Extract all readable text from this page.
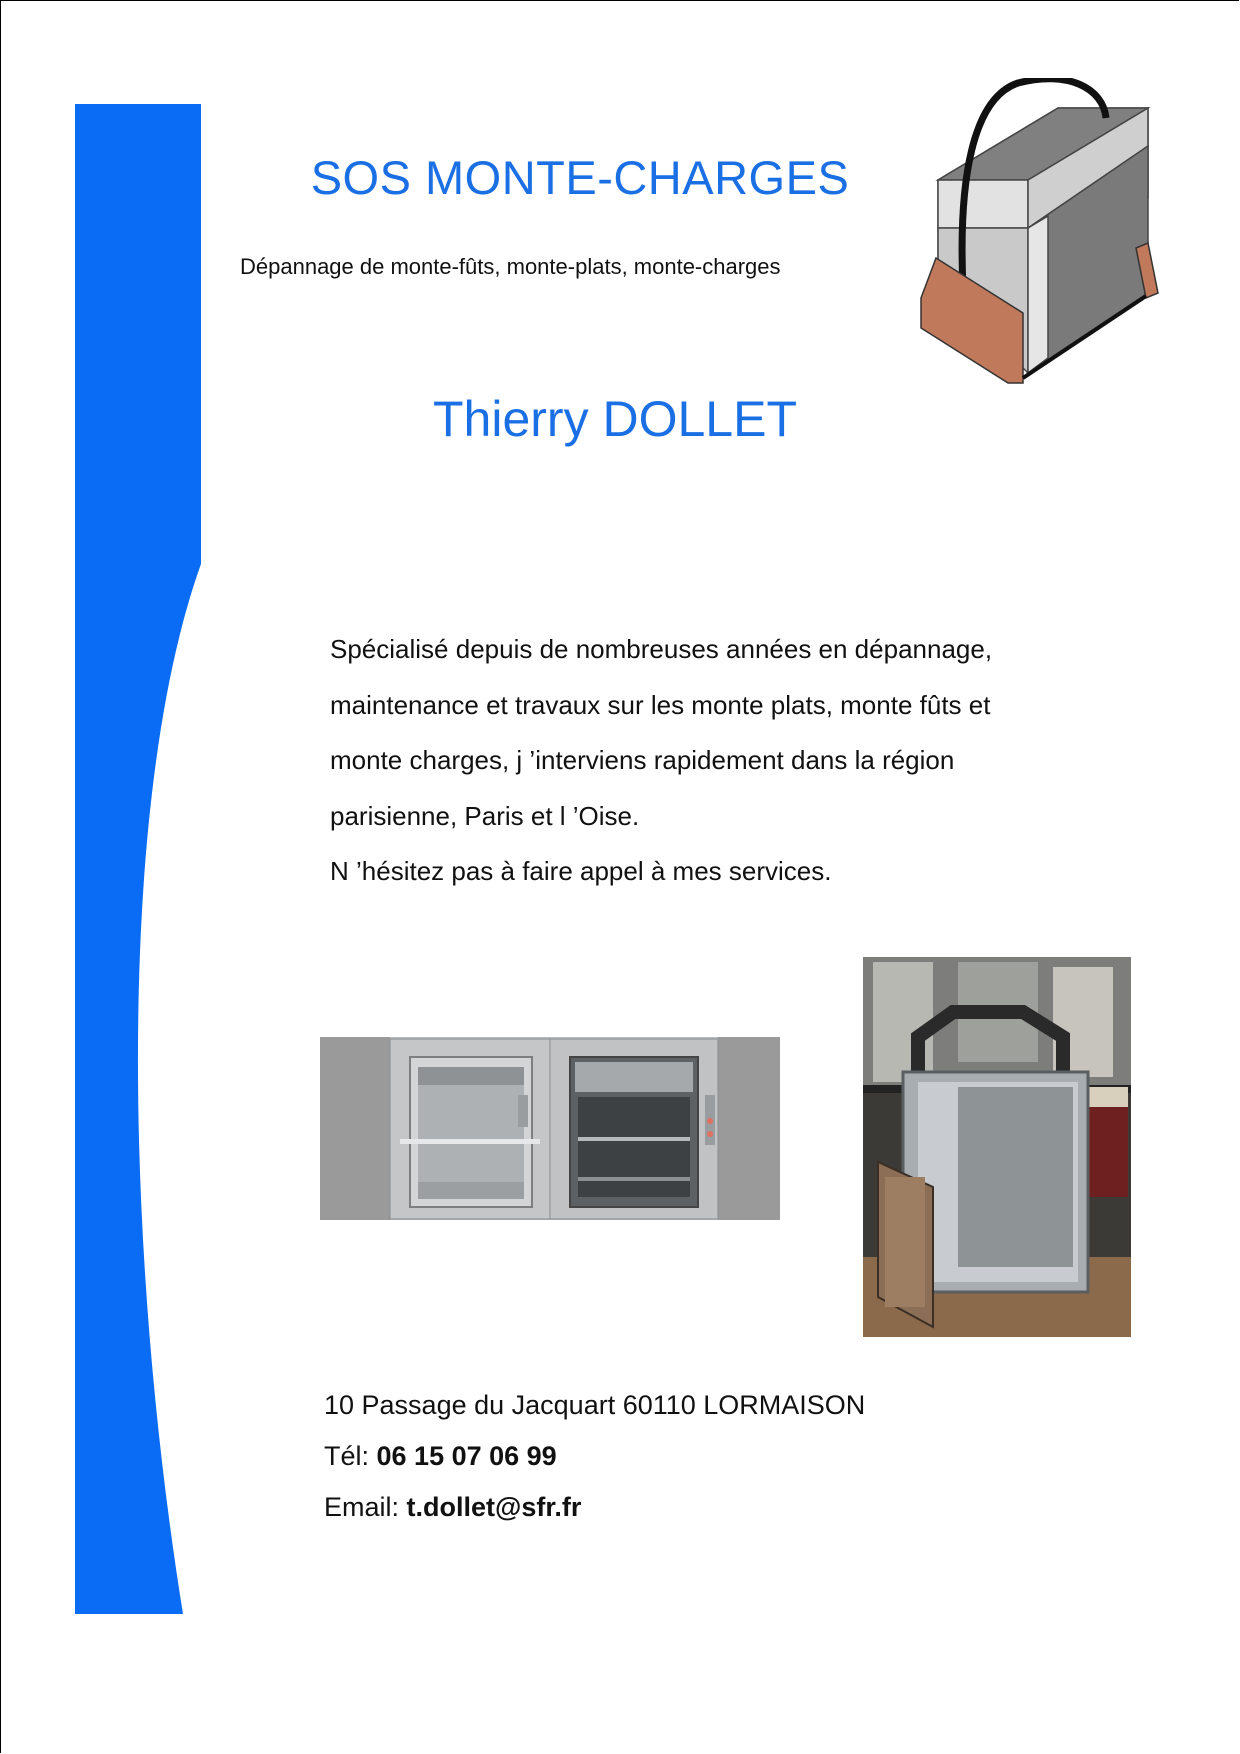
SOS MONTE-CHARGES
Dépannage de monte-fûts, monte-plats, monte-charges
Thierry DOLLET
Spécialisé depuis de nombreuses années en dépannage,
maintenance et travaux sur les monte plats, monte fûts et
monte charges, j ’interviens rapidement dans la région
parisienne, Paris et l ’Oise.
N ’hésitez pas à faire appel à mes services.
10 Passage du Jacquart 60110 LORMAISON
Tél: 06 15 07 06 99
Email: t.dollet@sfr.fr
